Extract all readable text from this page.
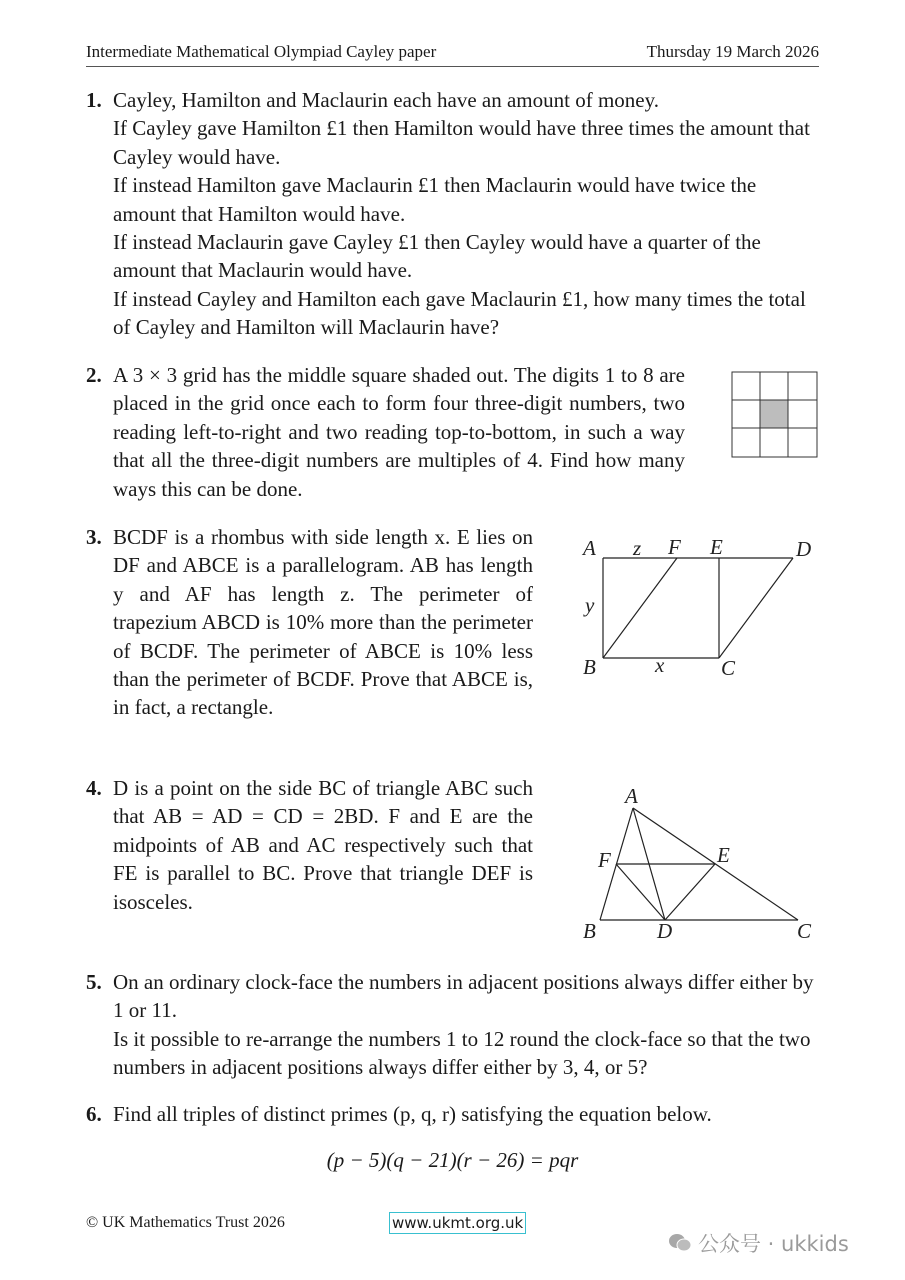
Intermediate Mathematical Olympiad Cayley paper	Thursday 19 March 2026
1. Cayley, Hamilton and Maclaurin each have an amount of money.

If Cayley gave Hamilton £1 then Hamilton would have three times the amount that Cayley would have.

If instead Hamilton gave Maclaurin £1 then Maclaurin would have twice the amount that Hamilton would have.

If instead Maclaurin gave Cayley £1 then Cayley would have a quarter of the amount that Maclaurin would have.

If instead Cayley and Hamilton each gave Maclaurin £1, how many times the total of Cayley and Hamilton will Maclaurin have?

2. A 3 × 3 grid has the middle square shaded out. The digits 1 to 8 are placed in the grid once each to form four three-digit numbers, two reading left-to-right and two reading top-to-bottom, in such a way that all the three-digit numbers are multiples of 4. Find how many ways this can be done.

3. BCDF is a rhombus with side length x. E lies on DF and ABCE is a parallelogram. AB has length y and AF has length z. The perimeter of trapezium ABCD is 10% more than the perimeter of BCDF. The perimeter of ABCE is 10% less than the perimeter of BCDF. Prove that ABCE is, in fact, a rectangle.

A z F E	D
y
B	x	C
4. D is a point on the side BC of triangle ABC such that AB = AD = CD = 2BD. F and E are the midpoints of AB and AC respectively such that FE is parallel to BC. Prove that triangle DEF is isosceles.

A
F	E
B	D	C
5. On an ordinary clock-face the numbers in adjacent positions always differ either by 1 or 11.

Is it possible to re-arrange the numbers 1 to 12 round the clock-face so that the two numbers in adjacent positions always differ either by 3, 4, or 5?

6. Find all triples of distinct primes (p, q, r) satisfying the equation below.

(p − 5)(q − 21)(r − 26) = pqr
© UK Mathematics Trust 2026	www.ukmt.org.uk
公众号 · ukkids
